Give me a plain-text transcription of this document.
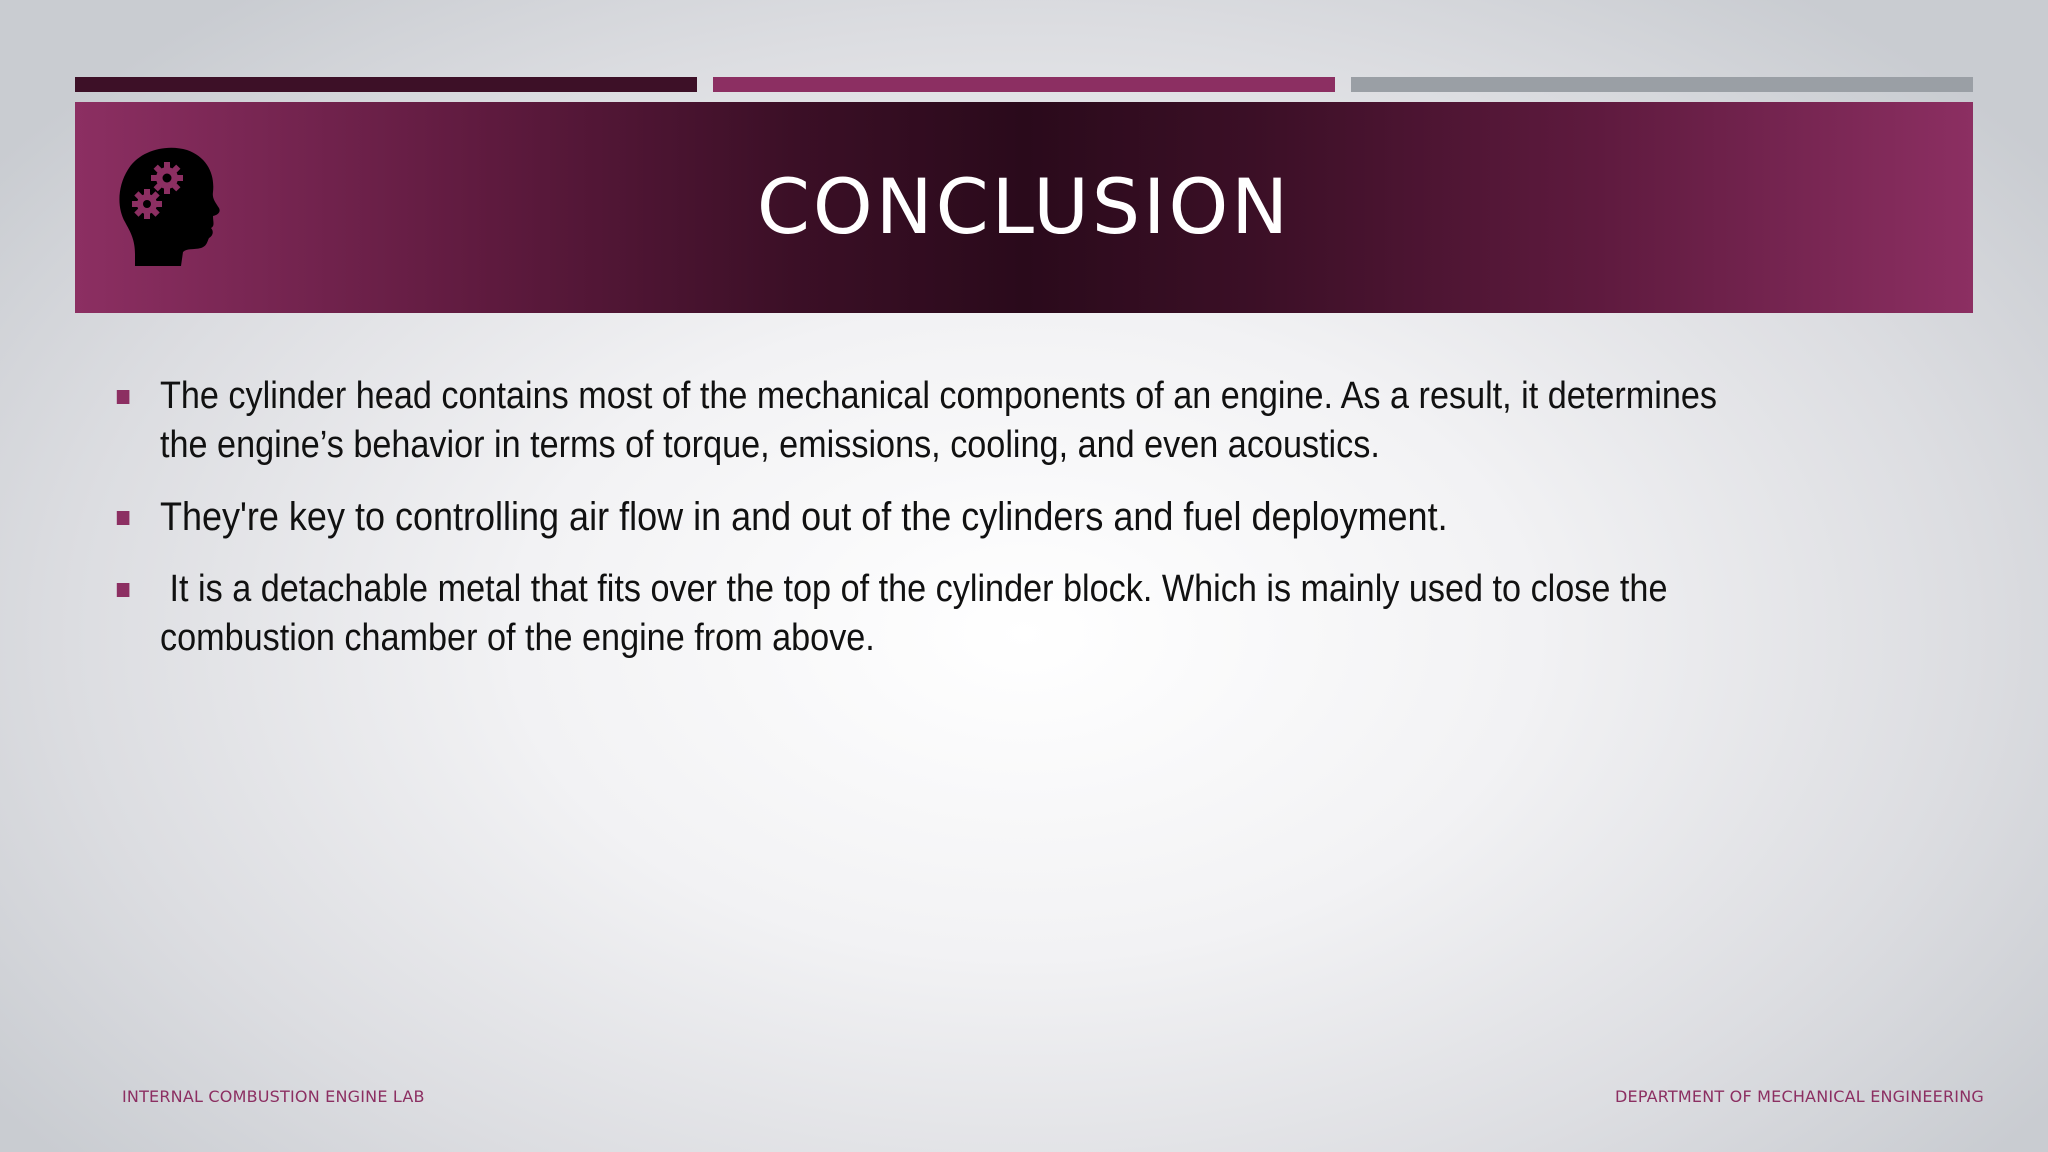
CONCLUSION
The cylinder head contains most of the mechanical components of an engine. As a result, it determines the engine’s behavior in terms of torque, emissions, cooling, and even acoustics.
They're key to controlling air flow in and out of the cylinders and fuel deployment.
It is a detachable metal that fits over the top of the cylinder block. Which is mainly used to close the combustion chamber of the engine from above.
INTERNAL COMBUSTION ENGINE LAB	DEPARTMENT OF MECHANICAL ENGINEERING
